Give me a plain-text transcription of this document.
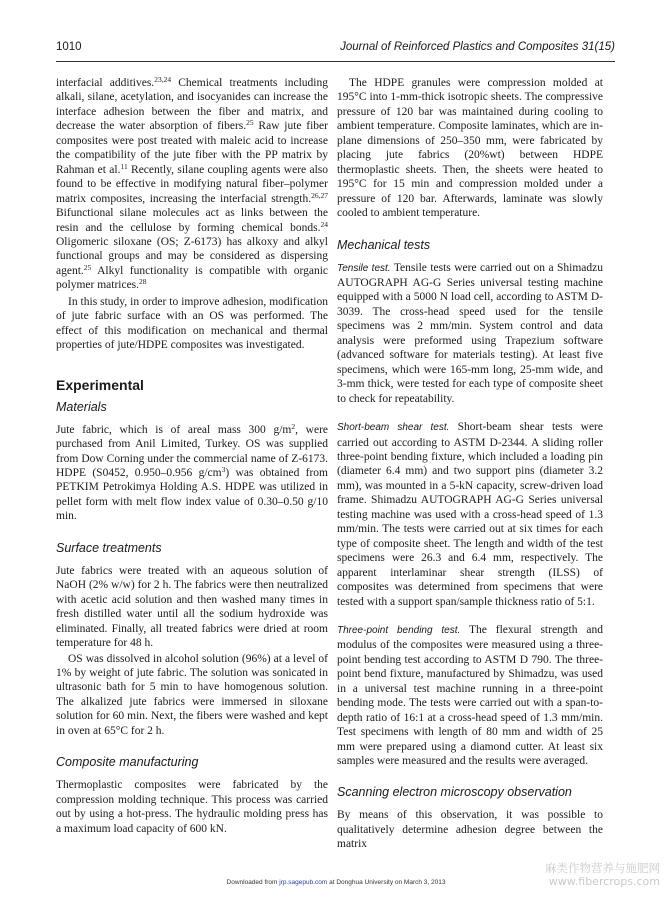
1010	Journal of Reinforced Plastics and Composites 31(15)

interfacial additives.$^{23,24}$ Chemical treatments including alkali, silane, acetylation, and isocyanides can increase the interface adhesion between the fiber and matrix, and decrease the water absorption of fibers.$^{25}$ Raw jute fiber composites were post treated with maleic acid to increase the compatibility of the jute fiber with the PP matrix by Rahman et al.$^{11}$ Recently, silane coupling agents were also found to be effective in modifying natural fiber–polymer matrix composites, increasing the interfacial strength.$^{26,27}$ Bifunctional silane molecules act as links between the resin and the cellulose by forming chemical bonds.$^{24}$ Oligomeric siloxane (OS; Z-6173) has alkoxy and alkyl functional groups and may be considered as dispersing agent.$^{25}$ Alkyl functionality is compatible with organic polymer matrices.$^{28}$

In this study, in order to improve adhesion, modification of jute fabric surface with an OS was performed. The effect of this modification on mechanical and thermal properties of jute/HDPE composites was investigated.

Experimental
Materials

Jute fabric, which is of areal mass 300 $g/m^2$, were purchased from Anil Limited, Turkey. OS was supplied from Dow Corning under the commercial name of Z-6173. HDPE (S0452, 0.950–0.956 $g/cm^3$) was obtained from PETKIM Petrokimya Holding A.S. HDPE was utilized in pellet form with melt flow index value of 0.30–0.50 g/10 min.

Surface treatments

Jute fabrics were treated with an aqueous solution of NaOH (2% w/w) for 2 h. The fabrics were then neutralized with acetic acid solution and then washed many times in fresh distilled water until all the sodium hydroxide was eliminated. Finally, all treated fabrics were dried at room temperature for 48 h.

OS was dissolved in alcohol solution (96%) at a level of 1% by weight of jute fabric. The solution was sonicated in ultrasonic bath for 5 min to have homogenous solution. The alkalized jute fabrics were immersed in siloxane solution for 60 min. Next, the fibers were washed and kept in oven at 65°C for 2 h.

Composite manufacturing

Thermoplastic composites were fabricated by the compression molding technique. This process was carried out by using a hot-press. The hydraulic molding press has a maximum load capacity of 600 kN.

The HDPE granules were compression molded at 195°C into 1-mm-thick isotropic sheets. The compressive pressure of 120 bar was maintained during cooling to ambient temperature. Composite laminates, which are in-plane dimensions of 250–350 mm, were fabricated by placing jute fabrics (20%wt) between HDPE thermoplastic sheets. Then, the sheets were heated to 195°C for 15 min and compression molded under a pressure of 120 bar. Afterwards, laminate was slowly cooled to ambient temperature.

Mechanical tests

Tensile test. Tensile tests were carried out on a Shimadzu AUTOGRAPH AG-G Series universal testing machine equipped with a 5000 N load cell, according to ASTM D-3039. The cross-head speed used for the tensile specimens was 2 mm/min. System control and data analysis were preformed using Trapezium software (advanced software for materials testing). At least five specimens, which were 165-mm long, 25-mm wide, and 3-mm thick, were tested for each type of composite sheet to check for repeatability.

Short-beam shear test. Short-beam shear tests were carried out according to ASTM D-2344. A sliding roller three-point bending fixture, which included a loading pin (diameter 6.4 mm) and two support pins (diameter 3.2 mm), was mounted in a 5-kN capacity, screw-driven load frame. Shimadzu AUTOGRAPH AG-G Series universal testing machine was used with a cross-head speed of 1.3 mm/min. The tests were carried out at six times for each type of composite sheet. The length and width of the test specimens were 26.3 and 6.4 mm, respectively. The apparent interlaminar shear strength (ILSS) of composites was determined from specimens that were tested with a support span/sample thickness ratio of 5:1.

Three-point bending test. The flexural strength and modulus of the composites were measured using a three-point bending test according to ASTM D 790. The three-point bend fixture, manufactured by Shimadzu, was used in a universal test machine running in a three-point bending mode. The tests were carried out with a span-to-depth ratio of 16:1 at a cross-head speed of 1.3 mm/min. Test specimens with length of 80 mm and width of 25 mm were prepared using a diamond cutter. At least six samples were measured and the results were averaged.

Scanning electron microscopy observation

By means of this observation, it was possible to qualitatively determine adhesion degree between the matrix

Downloaded from jrp.sagepub.com at Donghua University on March 3, 2013
麻类作物营养与施肥网
www.fibercrops.com
